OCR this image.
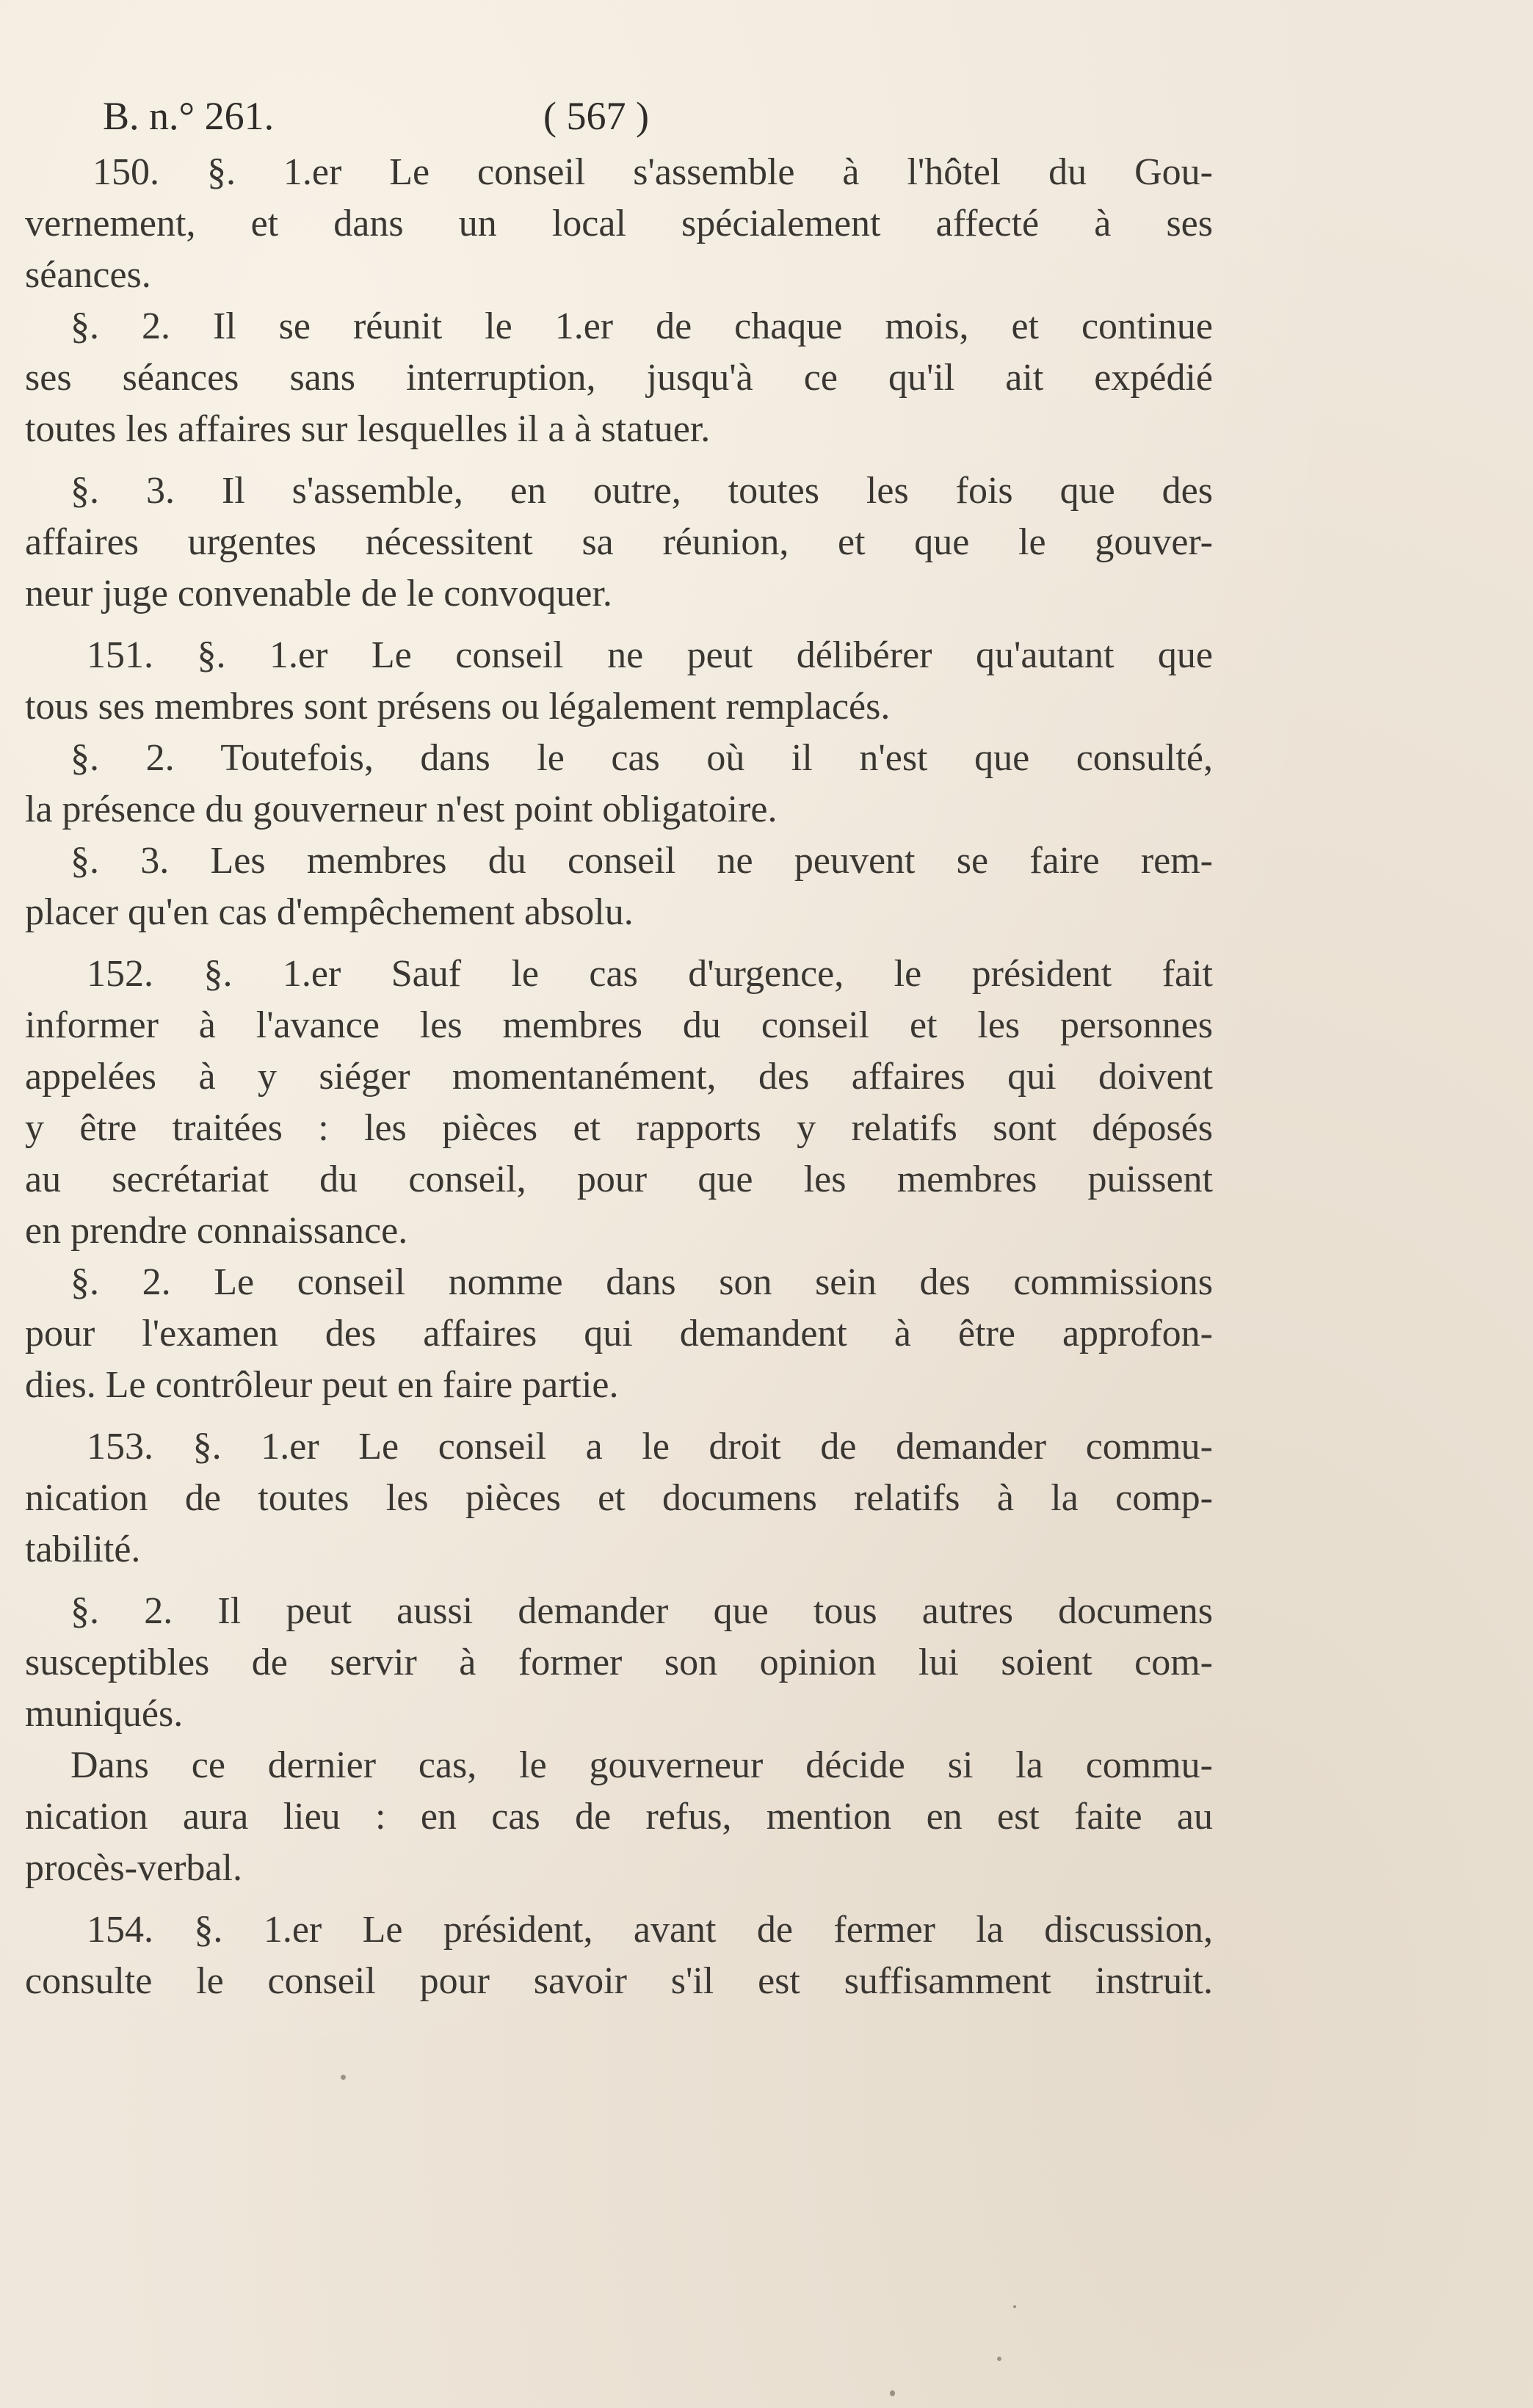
B. n.° 261.	( 567 )
150. §. 1.er Le conseil s'assemble à l'hôtel du Gou-
vernement, et dans un local spécialement affecté à ses
séances.
§. 2. Il se réunit le 1.er de chaque mois, et continue
ses séances sans interruption, jusqu'à ce qu'il ait expédié
toutes les affaires sur lesquelles il a à statuer.
§. 3. Il s'assemble, en outre, toutes les fois que des
affaires urgentes nécessitent sa réunion, et que le gouver-
neur juge convenable de le convoquer.
151. §. 1.er Le conseil ne peut délibérer qu'autant que
tous ses membres sont présens ou légalement remplacés.
§. 2. Toutefois, dans le cas où il n'est que consulté,
la présence du gouverneur n'est point obligatoire.
§. 3. Les membres du conseil ne peuvent se faire rem-
placer qu'en cas d'empêchement absolu.
152. §. 1.er Sauf le cas d'urgence, le président fait
informer à l'avance les membres du conseil et les personnes
appelées à y siéger momentanément, des affaires qui doivent
y être traitées : les pièces et rapports y relatifs sont déposés
au secrétariat du conseil, pour que les membres puissent
en prendre connaissance.
§. 2. Le conseil nomme dans son sein des commissions
pour l'examen des affaires qui demandent à être approfon-
dies. Le contrôleur peut en faire partie.
153. §. 1.er Le conseil a le droit de demander commu-
nication de toutes les pièces et documens relatifs à la comp-
tabilité.
§. 2. Il peut aussi demander que tous autres documens
susceptibles de servir à former son opinion lui soient com-
muniqués.
Dans ce dernier cas, le gouverneur décide si la commu-
nication aura lieu : en cas de refus, mention en est faite au
procès-verbal.
154. §. 1.er Le président, avant de fermer la discussion,
consulte le conseil pour savoir s'il est suffisamment instruit.
